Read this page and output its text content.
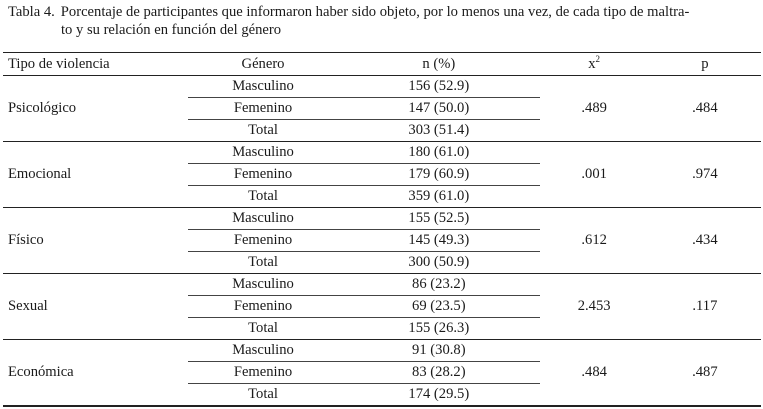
Tabla 4. Porcentaje de participantes que informaron haber sido objeto, por lo menos una vez, de cada tipo de maltra-
to y su relación en función del género
Tipo de violencia	Género	n (%)	$x^2$	p
Psicológico	Masculino	156 (52.9)	.489	.484
	Femenino	147 (50.0)		
	Total	303 (51.4)		
Emocional	Masculino	180 (61.0)	.001	.974
	Femenino	179 (60.9)		
	Total	359 (61.0)		
Físico	Masculino	155 (52.5)	.612	.434
	Femenino	145 (49.3)		
	Total	300 (50.9)		
Sexual	Masculino	86 (23.2)	2.453	.117
	Femenino	69 (23.5)		
	Total	155 (26.3)		
Económica	Masculino	91 (30.8)	.484	.487
	Femenino	83 (28.2)		
	Total	174 (29.5)		
